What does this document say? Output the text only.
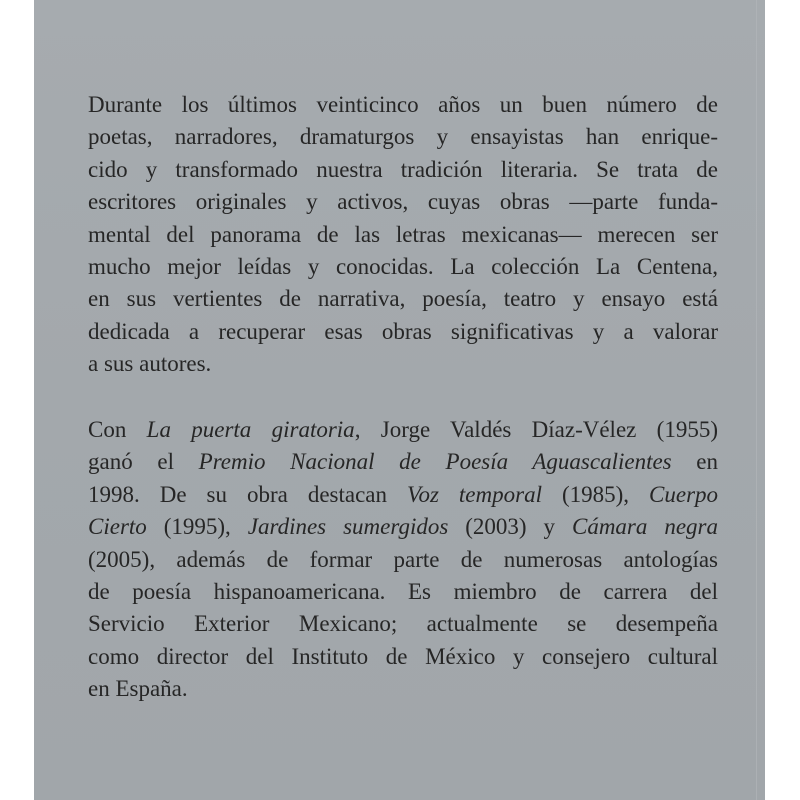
Durante los últimos veinticinco años un buen número de
poetas, narradores, dramaturgos y ensayistas han enrique-
cido y transformado nuestra tradición literaria. Se trata de
escritores originales y activos, cuyas obras —parte funda-
mental del panorama de las letras mexicanas— merecen ser
mucho mejor leídas y conocidas. La colección La Centena,
en sus vertientes de narrativa, poesía, teatro y ensayo está
dedicada a recuperar esas obras significativas y a valorar
a sus autores.
Con La puerta giratoria, Jorge Valdés Díaz-Vélez (1955)
ganó el Premio Nacional de Poesía Aguascalientes en
1998. De su obra destacan Voz temporal (1985), Cuerpo
Cierto (1995), Jardines sumergidos (2003) y Cámara negra
(2005), además de formar parte de numerosas antologías
de poesía hispanoamericana. Es miembro de carrera del
Servicio Exterior Mexicano; actualmente se desempeña
como director del Instituto de México y consejero cultural
en España.
